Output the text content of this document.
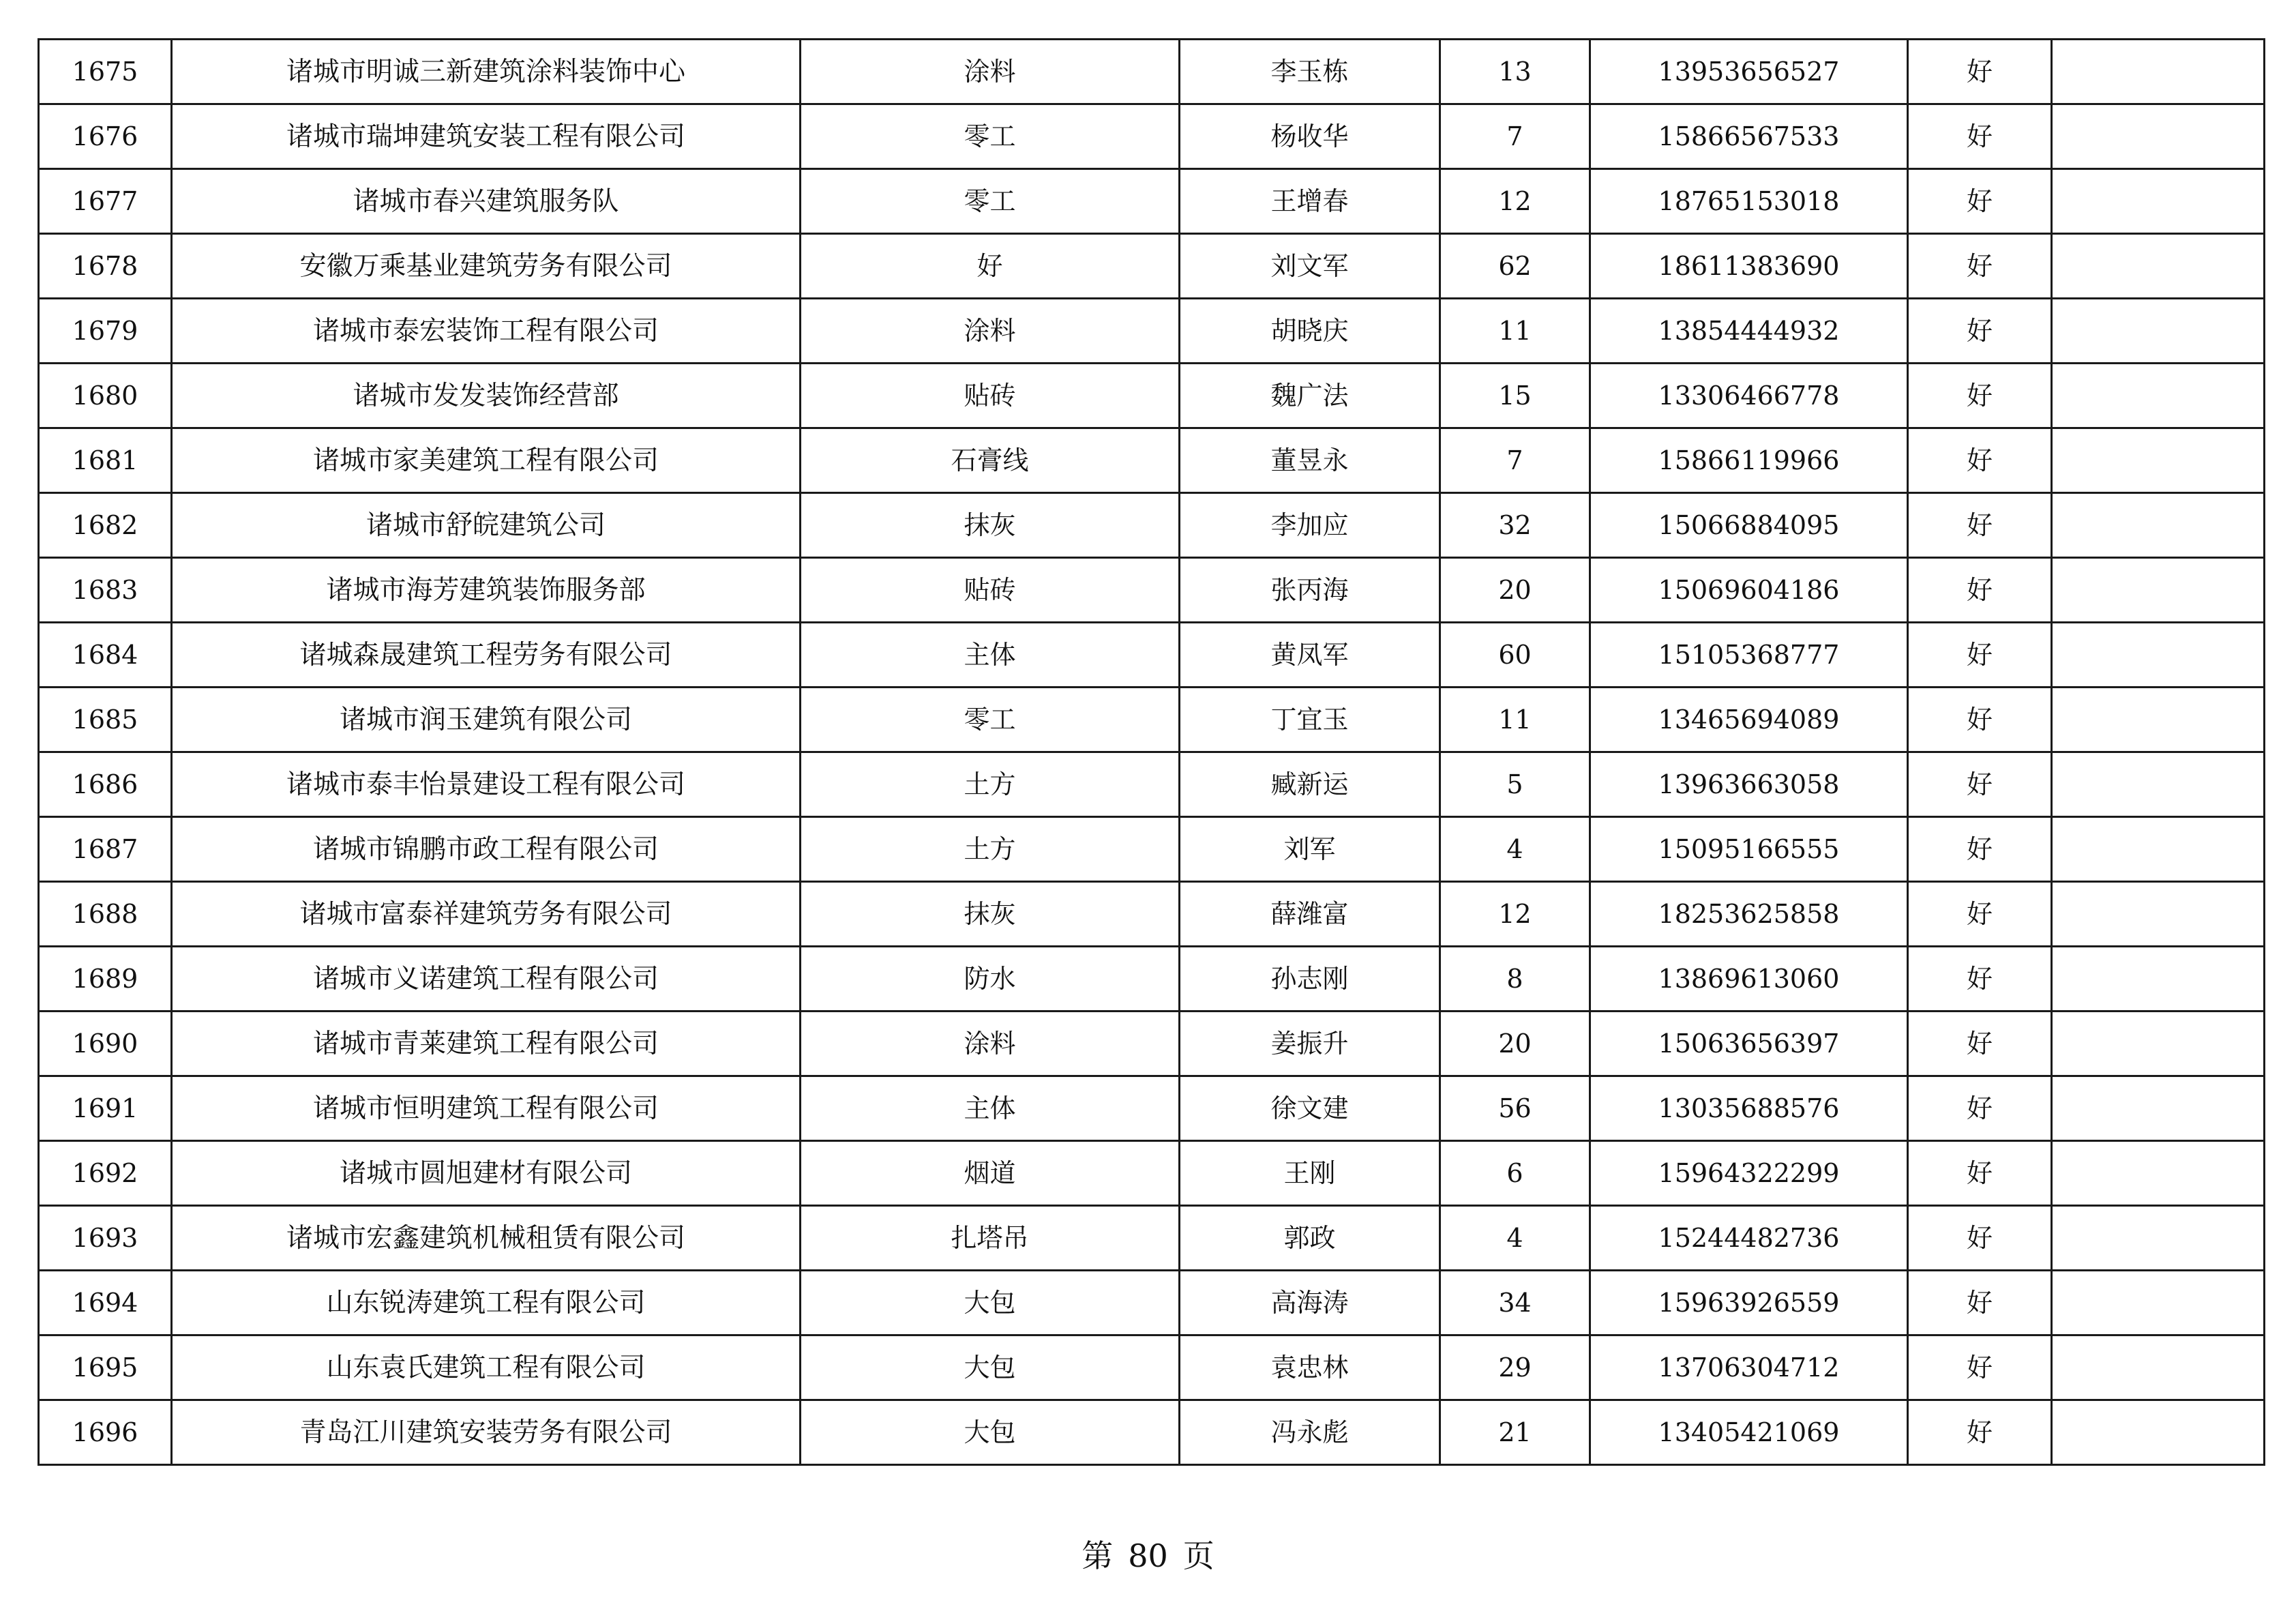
1675	诸城市明诚三新建筑涂料装饰中心	涂料	李玉栋	13	13953656527	好	
1676	诸城市瑞坤建筑安装工程有限公司	零工	杨收华	7	15866567533	好	
1677	诸城市春兴建筑服务队	零工	王增春	12	18765153018	好	
1678	安徽万乘基业建筑劳务有限公司	好	刘文军	62	18611383690	好	
1679	诸城市泰宏装饰工程有限公司	涂料	胡晓庆	11	13854444932	好	
1680	诸城市发发装饰经营部	贴砖	魏广法	15	13306466778	好	
1681	诸城市家美建筑工程有限公司	石膏线	董昱永	7	15866119966	好	
1682	诸城市舒皖建筑公司	抹灰	李加应	32	15066884095	好	
1683	诸城市海芳建筑装饰服务部	贴砖	张丙海	20	15069604186	好	
1684	诸城森晟建筑工程劳务有限公司	主体	黄凤军	60	15105368777	好	
1685	诸城市润玉建筑有限公司	零工	丁宜玉	11	13465694089	好	
1686	诸城市泰丰怡景建设工程有限公司	土方	臧新运	5	13963663058	好	
1687	诸城市锦鹏市政工程有限公司	土方	刘军	4	15095166555	好	
1688	诸城市富泰祥建筑劳务有限公司	抹灰	薛潍富	12	18253625858	好	
1689	诸城市义诺建筑工程有限公司	防水	孙志刚	8	13869613060	好	
1690	诸城市青莱建筑工程有限公司	涂料	姜振升	20	15063656397	好	
1691	诸城市恒明建筑工程有限公司	主体	徐文建	56	13035688576	好	
1692	诸城市圆旭建材有限公司	烟道	王刚	6	15964322299	好	
1693	诸城市宏鑫建筑机械租赁有限公司	扎塔吊	郭政	4	15244482736	好	
1694	山东锐涛建筑工程有限公司	大包	高海涛	34	15963926559	好	
1695	山东袁氏建筑工程有限公司	大包	袁忠林	29	13706304712	好	
1696	青岛江川建筑安装劳务有限公司	大包	冯永彪	21	13405421069	好	
第 80 页
